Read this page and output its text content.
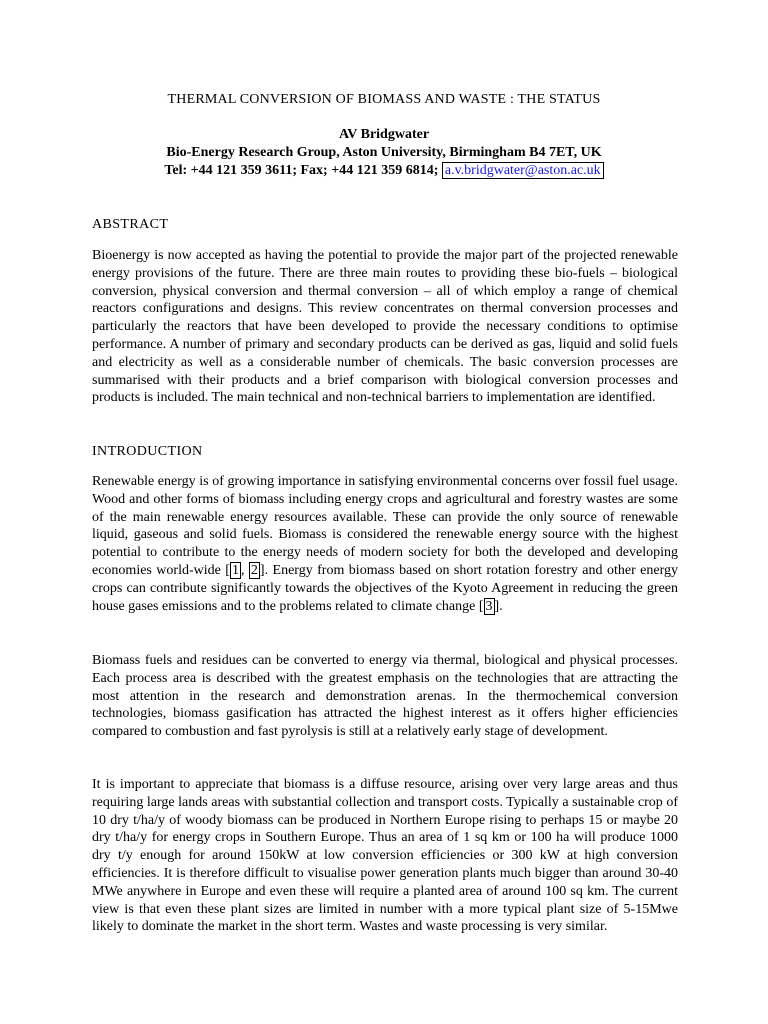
THERMAL CONVERSION OF BIOMASS AND WASTE : THE STATUS
AV Bridgwater
Bio-Energy Research Group, Aston University, Birmingham B4 7ET, UK
Tel: +44 121 359 3611; Fax; +44 121 359 6814; a.v.bridgwater@aston.ac.uk
ABSTRACT
Bioenergy is now accepted as having the potential to provide the major part of the projected renewable energy provisions of the future. There are three main routes to providing these bio-fuels – biological conversion, physical conversion and thermal conversion – all of which employ a range of chemical reactors configurations and designs. This review concentrates on thermal conversion processes and particularly the reactors that have been developed to provide the necessary conditions to optimise performance. A number of primary and secondary products can be derived as gas, liquid and solid fuels and electricity as well as a considerable number of chemicals. The basic conversion processes are summarised with their products and a brief comparison with biological conversion processes and products is included. The main technical and non-technical barriers to implementation are identified.
INTRODUCTION
Renewable energy is of growing importance in satisfying environmental concerns over fossil fuel usage. Wood and other forms of biomass including energy crops and agricultural and forestry wastes are some of the main renewable energy resources available. These can provide the only source of renewable liquid, gaseous and solid fuels. Biomass is considered the renewable energy source with the highest potential to contribute to the energy needs of modern society for both the developed and developing economies world-wide [ 1 , 2 ]. Energy from biomass based on short rotation forestry and other energy crops can contribute significantly towards the objectives of the Kyoto Agreement in reducing the green house gases emissions and to the problems related to climate change [ 3 ].
Biomass fuels and residues can be converted to energy via thermal, biological and physical processes. Each process area is described with the greatest emphasis on the technologies that are attracting the most attention in the research and demonstration arenas. In the thermochemical conversion technologies, biomass gasification has attracted the highest interest as it offers higher efficiencies compared to combustion and fast pyrolysis is still at a relatively early stage of development.
It is important to appreciate that biomass is a diffuse resource, arising over very large areas and thus requiring large lands areas with substantial collection and transport costs. Typically a sustainable crop of 10 dry t/ha/y of woody biomass can be produced in Northern Europe rising to perhaps 15 or maybe 20 dry t/ha/y for energy crops in Southern Europe. Thus an area of 1 sq km or 100 ha will produce 1000 dry t/y enough for around 150kW at low conversion efficiencies or 300 kW at high conversion efficiencies. It is therefore difficult to visualise power generation plants much bigger than around 30-40 MWe anywhere in Europe and even these will require a planted area of around 100 sq km. The current view is that even these plant sizes are limited in number with a more typical plant size of 5-15Mwe likely to dominate the market in the short term. Wastes and waste processing is very similar.
